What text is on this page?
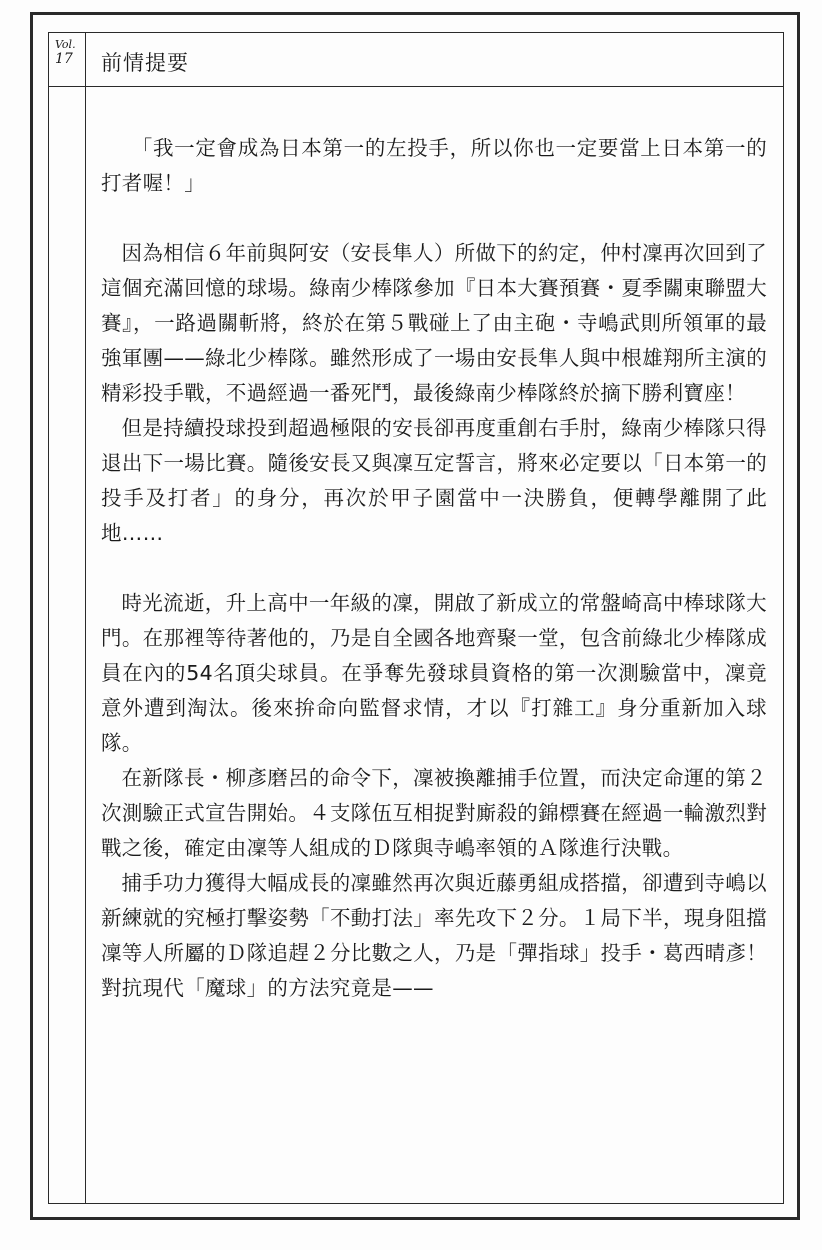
Vol.
17	前情提要

「我一定會成為日本第一的左投手，所以你也一定要當上日本第一的打者喔！」

因為相信６年前與阿安（安長隼人）所做下的約定，仲村凜再次回到了這個充滿回憶的球場。綠南少棒隊參加『日本大賽預賽・夏季關東聯盟大賽』，一路過關斬將，終於在第５戰碰上了由主砲・寺嶋武則所領軍的最強軍團——綠北少棒隊。雖然形成了一場由安長隼人與中根雄翔所主演的精彩投手戰，不過經過一番死鬥，最後綠南少棒隊終於摘下勝利寶座！

但是持續投球投到超過極限的安長卻再度重創右手肘，綠南少棒隊只得退出下一場比賽。隨後安長又與凜互定誓言，將來必定要以「日本第一的投手及打者」的身分，再次於甲子園當中一決勝負，便轉學離開了此地……

時光流逝，升上高中一年級的凜，開啟了新成立的常盤崎高中棒球隊大門。在那裡等待著他的，乃是自全國各地齊聚一堂，包含前綠北少棒隊成員在內的54名頂尖球員。在爭奪先發球員資格的第一次測驗當中，凜竟意外遭到淘汰。後來拚命向監督求情，才以『打雜工』身分重新加入球隊。

在新隊長・柳彥磨呂的命令下，凜被換離捕手位置，而決定命運的第２次測驗正式宣告開始。４支隊伍互相捉對廝殺的錦標賽在經過一輪激烈對戰之後，確定由凜等人組成的Ｄ隊與寺嶋率領的Ａ隊進行決戰。

捕手功力獲得大幅成長的凜雖然再次與近藤勇組成搭擋，卻遭到寺嶋以新練就的究極打擊姿勢「不動打法」率先攻下２分。１局下半，現身阻擋凜等人所屬的Ｄ隊追趕２分比數之人，乃是「彈指球」投手・葛西晴彥！對抗現代「魔球」的方法究竟是——
